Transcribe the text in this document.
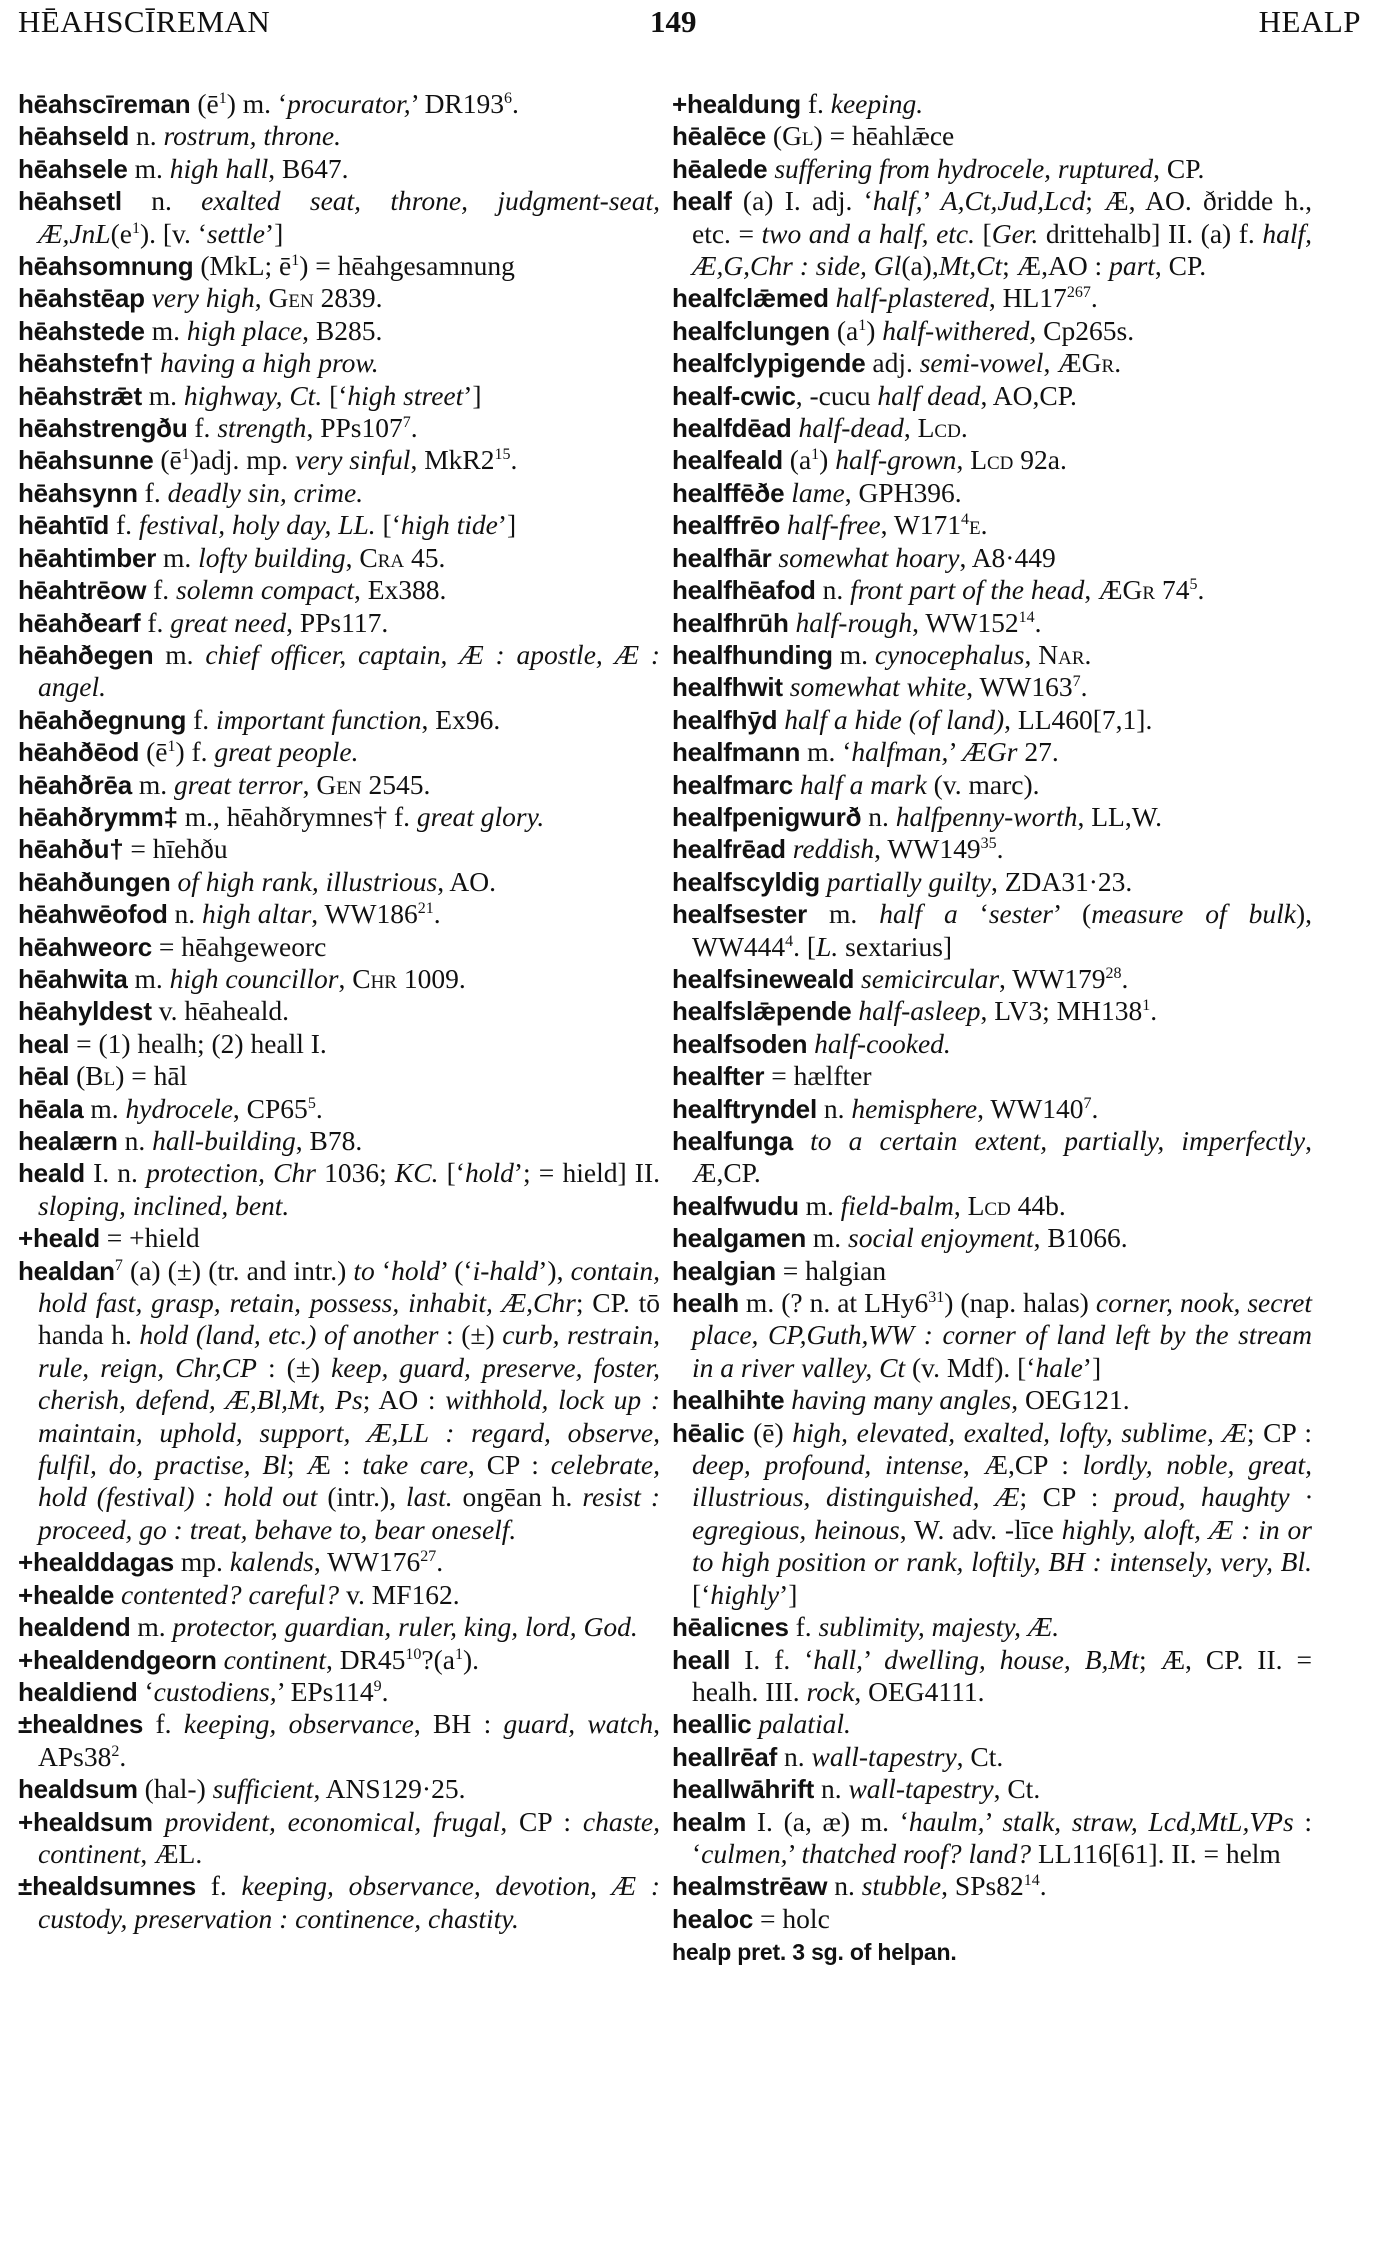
HĒAHSCĪREMAN	149	HEALP

hēahscīreman $(ē^1)$ m. ‘procurator,’ $DR193^6$.

hēahseld n. rostrum, throne.

hēahsele m. high hall, B647.

hēahsetl n. exalted seat, throne, judgment-seat, $Æ,JnL(e^1)$. [v. ‘settle’]

hēahsomnung (MkL; $ē^1$) = hēahgesamnung

hēahstēap very high, Gen 2839.

hēahstede m. high place, B285.

hēahstefn† having a high prow.

hēahstrǣt m. highway, Ct. [‘high street’]

hēahstrengðu f. strength, $PPs107^7$.

hēahsunne $(ē^1)adj$. mp. very sinful, $MkR2^{15}$.

hēahsynn f. deadly sin, crime.

hēahtīd f. festival, holy day, LL. [‘high tide’]

hēahtimber m. lofty building, Cra 45.

hēahtrēow f. solemn compact, Ex388.

hēahðearf f. great need, PPs117.

hēahðegen m. chief officer, captain, Æ : apostle, Æ : angel.

hēahðegnung f. important function, Ex96.

hēahðēod $(ē^1)$ f. great people.

hēahðrēa m. great terror, Gen 2545.

hēahðrymm‡ m., hēahðrymnes† f. great glory.

hēahðu† = hīehðu

hēahðungen of high rank, illustrious, AO.

hēahwēofod n. high altar, $WW186^{21}$.

hēahweorc = hēahgeweorc

hēahwita m. high councillor, Chr 1009.

hēahyldest v. hēaheald.

heal = (1) healh; (2) heall I.

hēal (Bl) = hāl

hēala m. hydrocele, $CP65^5$.

healærn n. hall-building, B78.

heald I. n. protection, Chr 1036; KC. [‘hold’; = hield] II. sloping, inclined, bent.

+heald = +hield

healdan$^7$ (a) (±) (tr. and intr.) to ‘hold’ (‘i-hald’), contain, hold fast, grasp, retain, possess, inhabit, Æ,Chr; CP. tō handa h. hold (land, etc.) of another : (±) curb, restrain, rule, reign, Chr,CP : (±) keep, guard, preserve, foster, cherish, defend, Æ,Bl,Mt, Ps; AO : withhold, lock up : maintain, uphold, support, Æ,LL : regard, observe, fulfil, do, practise, Bl; Æ : take care, CP : celebrate, hold (festival) : hold out (intr.), last. ongēan h. resist : proceed, go : treat, behave to, bear oneself.

+healddagas mp. kalends, $WW176^{27}$.

+healde contented? careful? v. MF162.

healdend m. protector, guardian, ruler, king, lord, God.

+healdendgeorn continent, $DR45^{10}?(a^1)$.

healdiend ‘custodiens,’ $EPs114^9$.

±healdnes f. keeping, observance, BH : guard, watch, $APs38^2$.

healdsum (hal-) sufficient, ANS129·25.

+healdsum provident, economical, frugal, CP : chaste, continent, ÆL.

±healdsumnes f. keeping, observance, devotion, Æ : custody, preservation : continence, chastity.

+healdung f. keeping.

hēalēce (Gl) = hēahlǣce

hēalede suffering from hydrocele, ruptured, CP.

healf (a) I. adj. ‘half,’ A,Ct,Jud,Lcd; Æ, AO. ðridde h., etc. = two and a half, etc. [Ger. drittehalb] II. (a) f. half, Æ,G,Chr : side, Gl(a),Mt,Ct; Æ,AO : part, CP.

healfclǣmed half-plastered, $HL17^{267}$.

healfclungen $(a^1)$ half-withered, Cp265s.

healfclypigende adj. semi-vowel, ÆGr.

healf-cwic, -cucu half dead, AO,CP.

healfdēad half-dead, Lcd.

healfeald $(a^1)$ half-grown, Lcd 92a.

healffēðe lame, GPH396.

healffrēo half-free, $W171^4e$.

healfhār somewhat hoary, A8·449

healfhēafod n. front part of the head, ÆGr $74^5$.

healfhrūh half-rough, $WW152^{14}$.

healfhunding m. cynocephalus, Nar.

healfhwit somewhat white, $WW163^7$.

healfhȳd half a hide (of land), LL460[7,1].

healfmann m. ‘halfman,’ ÆGr 27.

healfmarc half a mark (v. marc).

healfpenigwurð n. halfpenny-worth, LL,W.

healfrēad reddish, $WW149^{35}$.

healfscyldig partially guilty, ZDA31·23.

healfsester m. half a ‘sester’ (measure of bulk), $WW444^4$. [L. sextarius]

healfsineweald semicircular, $WW179^{28}$.

healfslǣpende half-asleep, LV3; $MH138^1$.

healfsoden half-cooked.

healfter = hælfter

healftryndel n. hemisphere, $WW140^7$.

healfunga to a certain extent, partially, imperfectly, Æ,CP.

healfwudu m. field-balm, Lcd 44b.

healgamen m. social enjoyment, B1066.

healgian = halgian

healh m. (? n. at $LHy6^{31}$) (nap. halas) corner, nook, secret place, CP,Guth,WW : corner of land left by the stream in a river valley, Ct (v. Mdf). [‘hale’]

healhihte having many angles, OEG121.

hēalic (ē) high, elevated, exalted, lofty, sublime, Æ; CP : deep, profound, intense, Æ,CP : lordly, noble, great, illustrious, distinguished, Æ; CP : proud, haughty · egregious, heinous, W. adv. -līce highly, aloft, Æ : in or to high position or rank, loftily, BH : intensely, very, Bl. [‘highly’]

hēalicnes f. sublimity, majesty, Æ.

heall I. f. ‘hall,’ dwelling, house, B,Mt; Æ, CP. II. = healh. III. rock, OEG4111.

heallic palatial.

heallrēaf n. wall-tapestry, Ct.

heallwāhrift n. wall-tapestry, Ct.

healm I. (a, æ) m. ‘haulm,’ stalk, straw, Lcd,MtL,VPs : ‘culmen,’ thatched roof? land? LL116[61]. II. = helm

healmstrēaw n. stubble, $SPs82^{14}$.

healoc = holc

healp pret. 3 sg. of helpan.
